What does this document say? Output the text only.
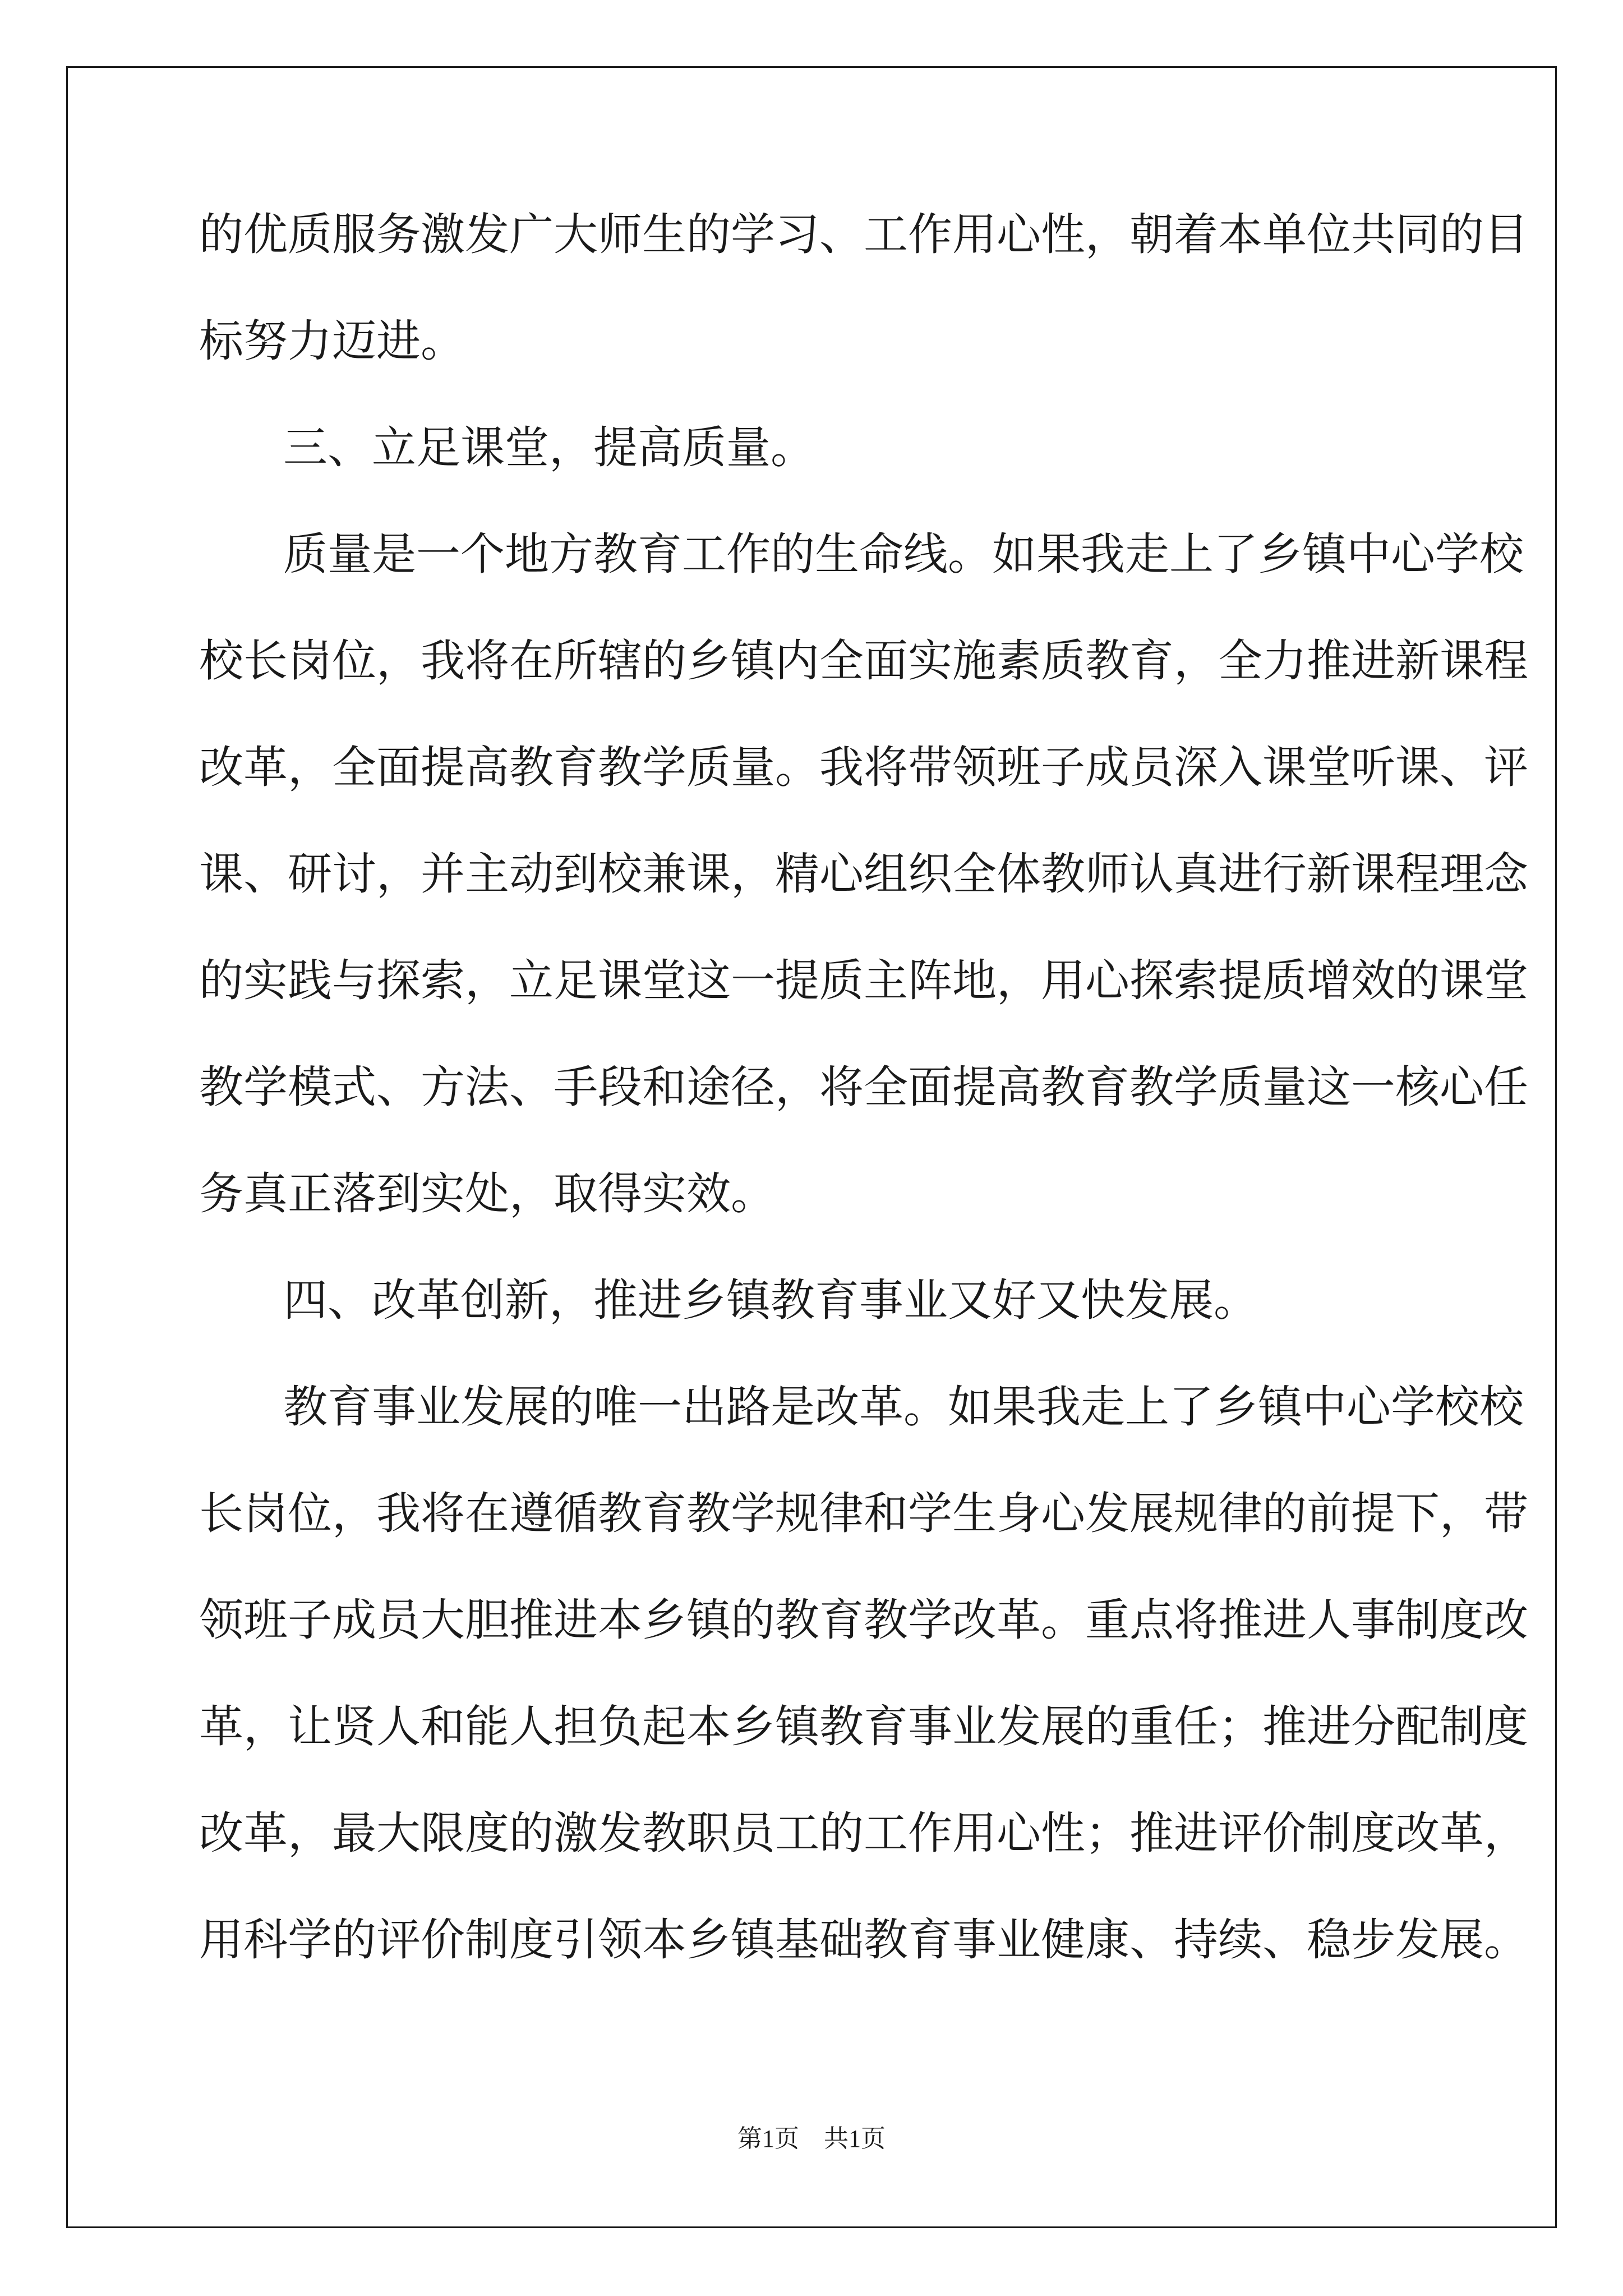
的优质服务激发广大师生的学习、工作用心性，朝着本单位共同的目
标努力迈进。
三、立足课堂，提高质量。
质量是一个地方教育工作的生命线。如果我走上了乡镇中心学校
校长岗位，我将在所辖的乡镇内全面实施素质教育，全力推进新课程
改革，全面提高教育教学质量。我将带领班子成员深入课堂听课、评
课、研讨，并主动到校兼课，精心组织全体教师认真进行新课程理念
的实践与探索，立足课堂这一提质主阵地，用心探索提质增效的课堂
教学模式、方法、手段和途径，将全面提高教育教学质量这一核心任
务真正落到实处，取得实效。
四、改革创新，推进乡镇教育事业又好又快发展。
教育事业发展的唯一出路是改革。如果我走上了乡镇中心学校校
长岗位，我将在遵循教育教学规律和学生身心发展规律的前提下，带
领班子成员大胆推进本乡镇的教育教学改革。重点将推进人事制度改
革，让贤人和能人担负起本乡镇教育事业发展的重任；推进分配制度
改革，最大限度的激发教职员工的工作用心性；推进评价制度改革，
用科学的评价制度引领本乡镇基础教育事业健康、持续、稳步发展。
第1页 共1页
